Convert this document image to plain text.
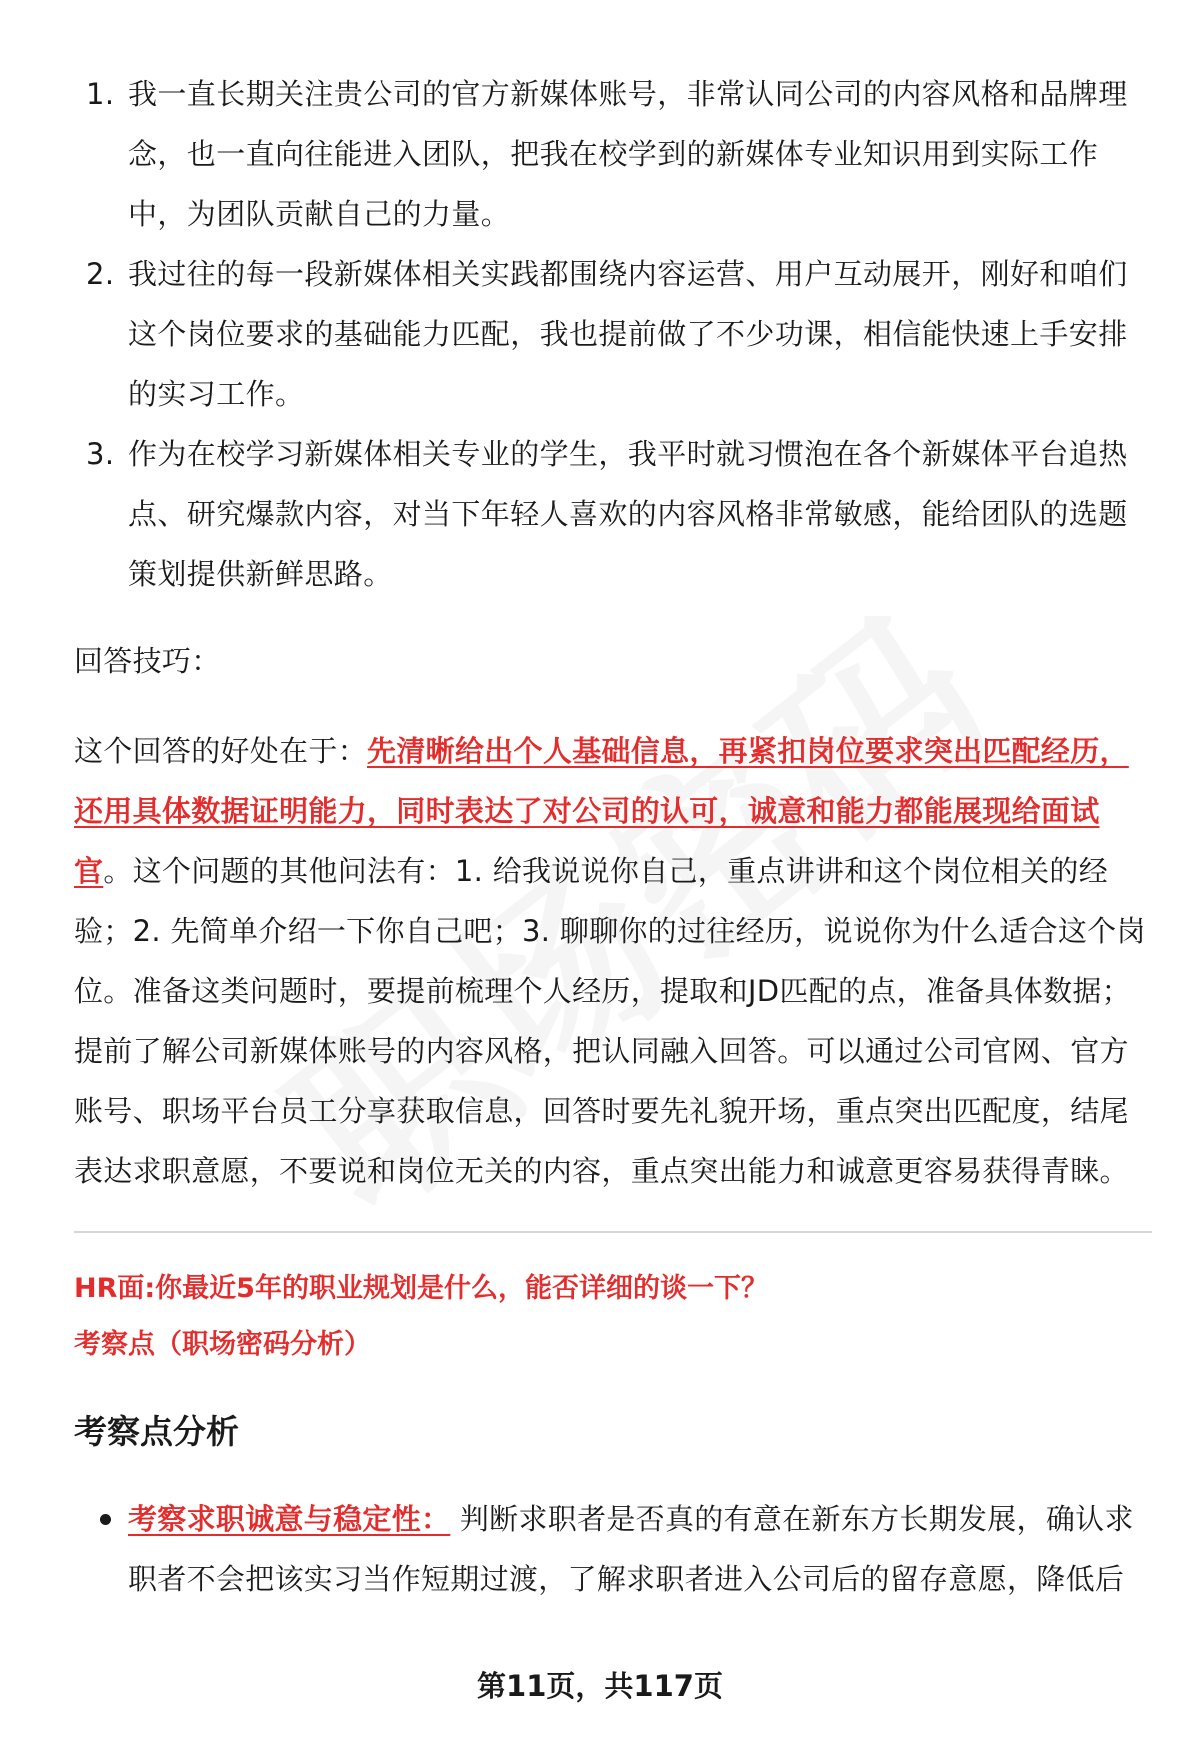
1. 我一直长期关注贵公司的官方新媒体账号，非常认同公司的内容风格和品牌理念，也一直向往能进入团队，把我在校学到的新媒体专业知识用到实际工作中，为团队贡献自己的力量。
2. 我过往的每一段新媒体相关实践都围绕内容运营、用户互动展开，刚好和咱们这个岗位要求的基础能力匹配，我也提前做了不少功课，相信能快速上手安排的实习工作。
3. 作为在校学习新媒体相关专业的学生，我平时就习惯泡在各个新媒体平台追热点、研究爆款内容，对当下年轻人喜欢的内容风格非常敏感，能给团队的选题策划提供新鲜思路。

回答技巧：

这个回答的好处在于：先清晰给出个人基础信息，再紧扣岗位要求突出匹配经历，还用具体数据证明能力，同时表达了对公司的认可，诚意和能力都能展现给面试官。这个问题的其他问法有：1. 给我说说你自己，重点讲讲和这个岗位相关的经验；2. 先简单介绍一下你自己吧；3. 聊聊你的过往经历，说说你为什么适合这个岗位。准备这类问题时，要提前梳理个人经历，提取和JD匹配的点，准备具体数据；提前了解公司新媒体账号的内容风格，把认同融入回答。可以通过公司官网、官方账号、职场平台员工分享获取信息，回答时要先礼貌开场，重点突出匹配度，结尾表达求职意愿，不要说和岗位无关的内容，重点突出能力和诚意更容易获得青睐。

HR面:你最近5年的职业规划是什么，能否详细的谈一下？

考察点（职场密码分析）

考察点分析
考察求职诚意与稳定性： 判断求职者是否真的有意在新东方长期发展，确认求职者不会把该实习当作短期过渡，了解求职者进入公司后的留存意愿，降低后
第11页，共117页
